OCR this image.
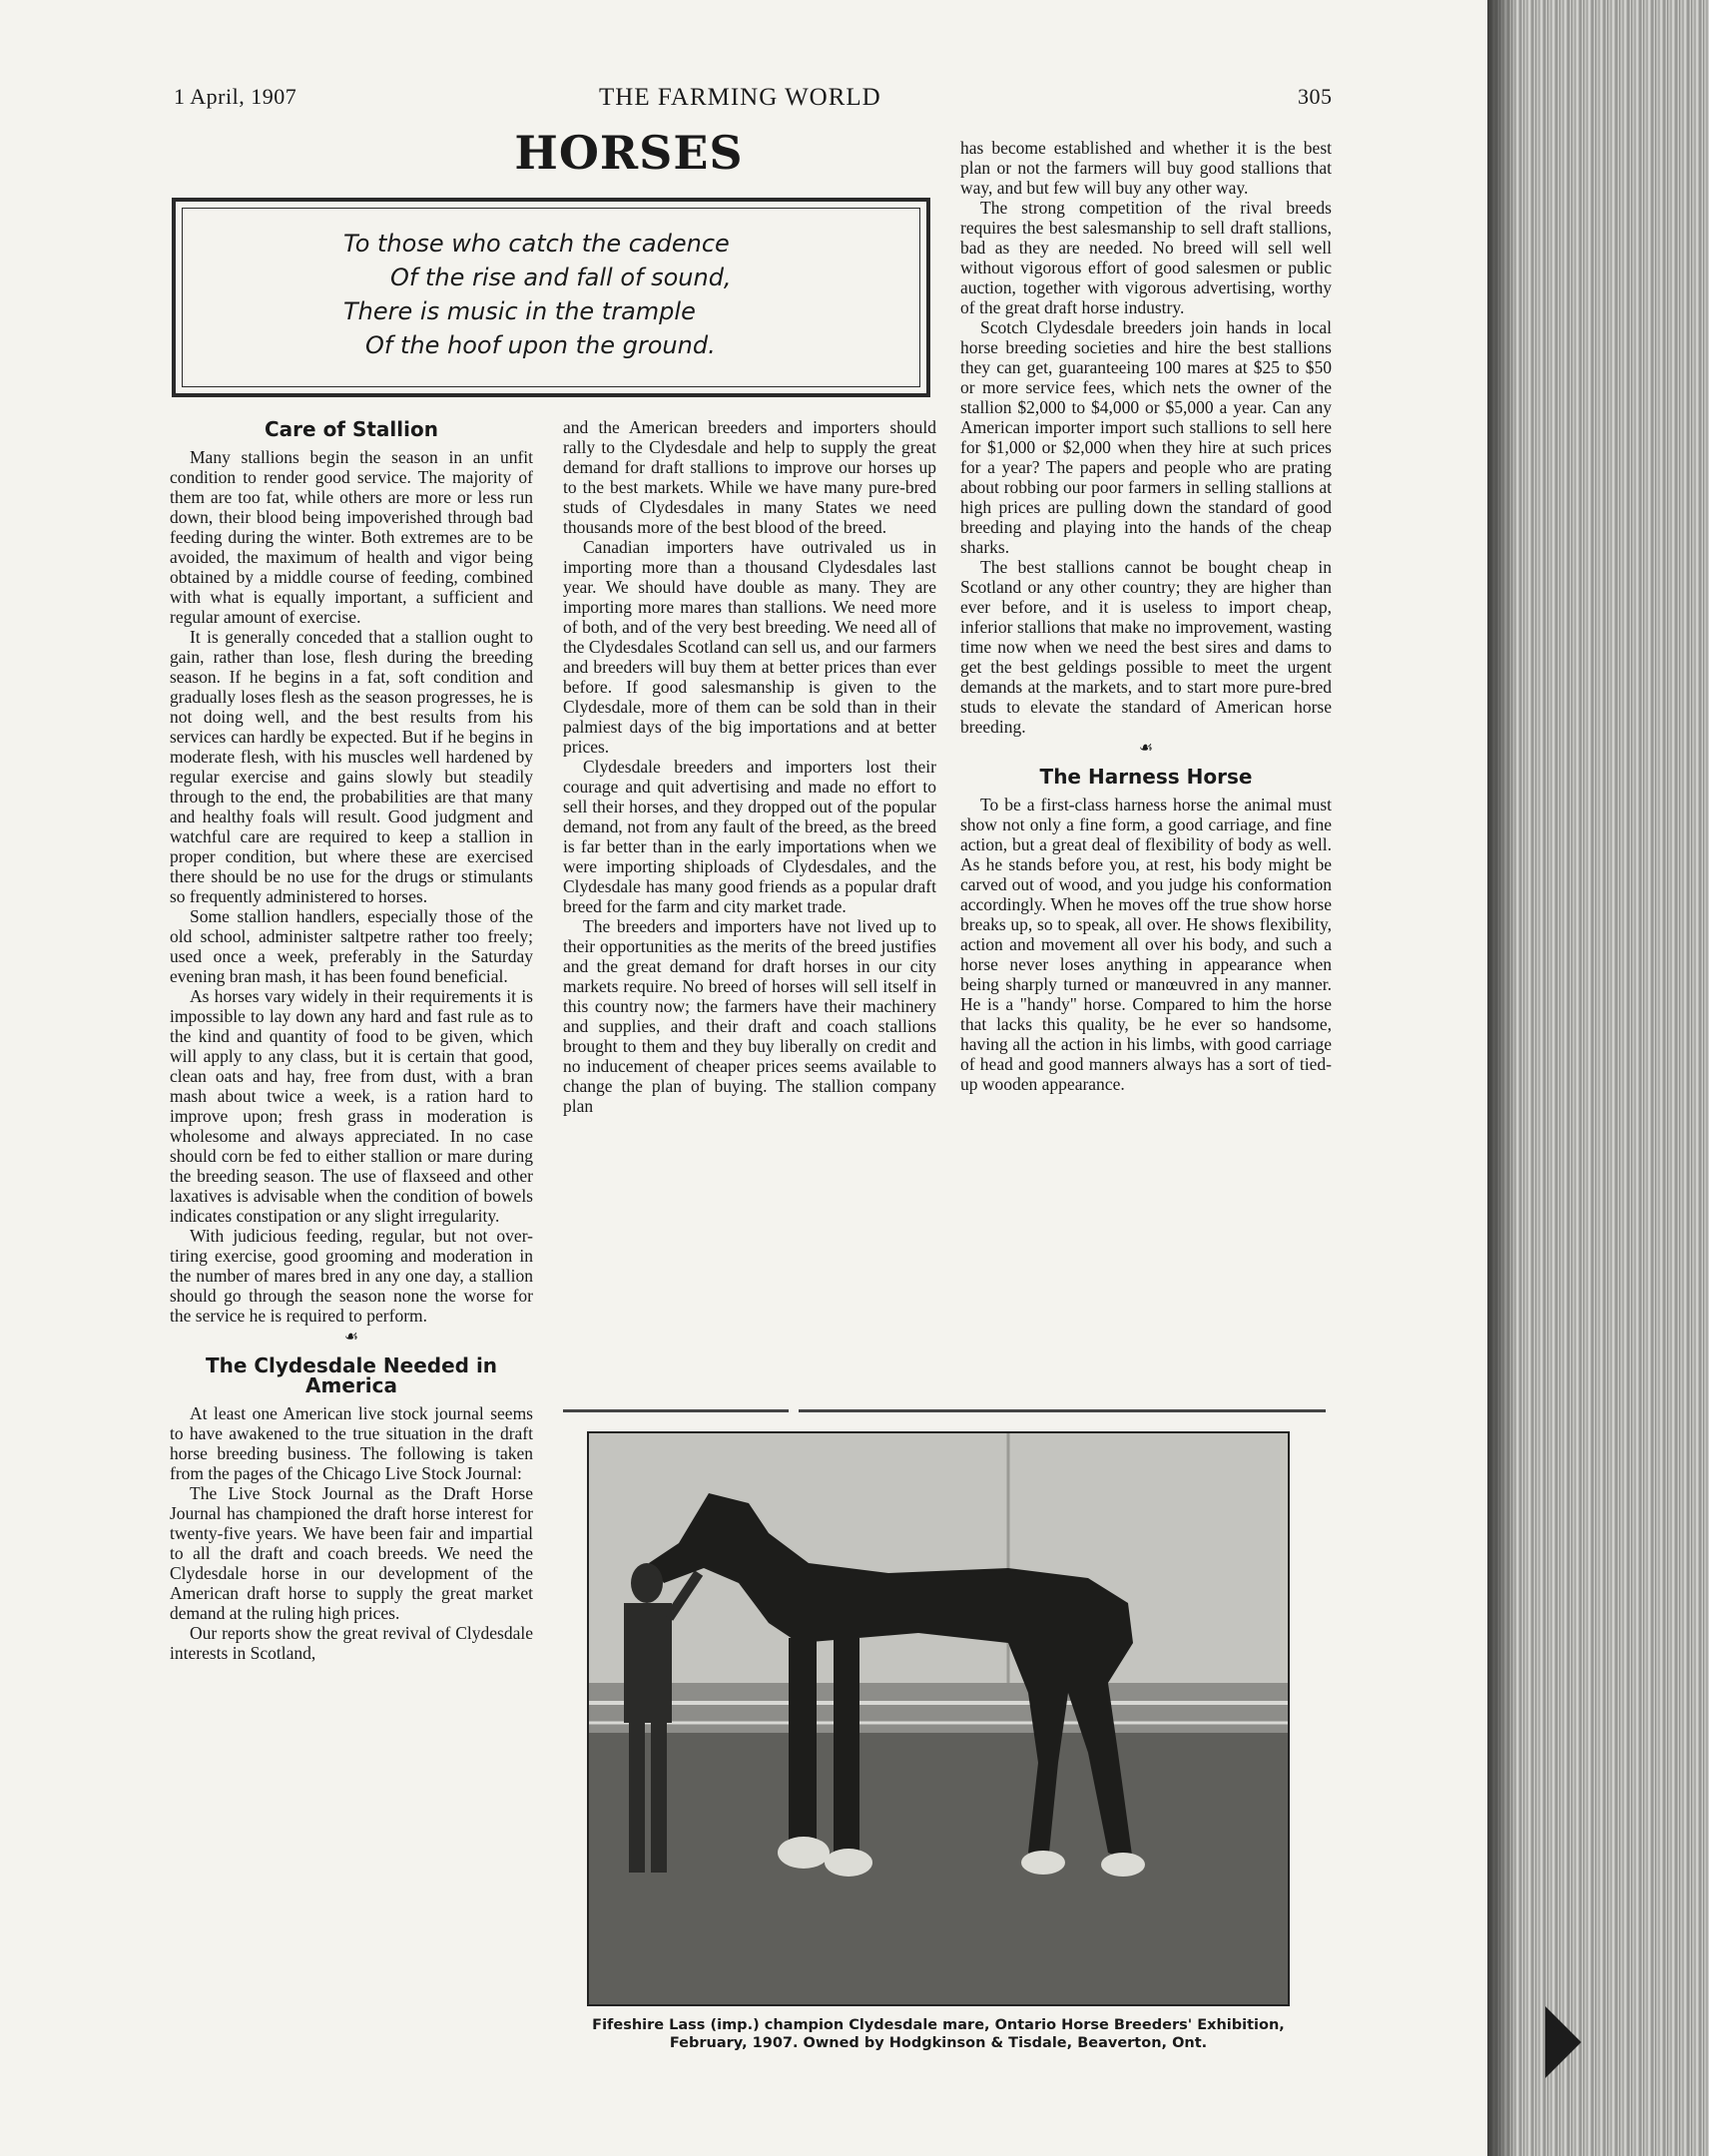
1 April, 1907	THE FARMING WORLD	305
HORSES
To those who catch the cadence
Of the rise and fall of sound,
There is music in the trample
Of the hoof upon the ground.
Care of Stallion

Many stallions begin the season in an unfit condition to render good service. The majority of them are too fat, while others are more or less run down, their blood being impoverished through bad feeding during the winter. Both extremes are to be avoided, the maximum of health and vigor being obtained by a middle course of feeding, combined with what is equally important, a sufficient and regular amount of exercise.

It is generally conceded that a stallion ought to gain, rather than lose, flesh during the breeding season. If he begins in a fat, soft condition and gradually loses flesh as the season progresses, he is not doing well, and the best results from his services can hardly be expected. But if he begins in moderate flesh, with his muscles well hardened by regular exercise and gains slowly but steadily through to the end, the probabilities are that many and healthy foals will result. Good judgment and watchful care are required to keep a stallion in proper condition, but where these are exercised there should be no use for the drugs or stimulants so frequently administered to horses.

Some stallion handlers, especially those of the old school, administer saltpetre rather too freely; used once a week, preferably in the Saturday evening bran mash, it has been found beneficial.

As horses vary widely in their requirements it is impossible to lay down any hard and fast rule as to the kind and quantity of food to be given, which will apply to any class, but it is certain that good, clean oats and hay, free from dust, with a bran mash about twice a week, is a ration hard to improve upon; fresh grass in moderation is wholesome and always appreciated. In no case should corn be fed to either stallion or mare during the breeding season. The use of flaxseed and other laxatives is advisable when the condition of bowels indicates constipation or any slight irregularity.

With judicious feeding, regular, but not over-tiring exercise, good grooming and moderation in the number of mares bred in any one day, a stallion should go through the season none the worse for the service he is required to perform.

☙
The Clydesdale Needed in America

At least one American live stock journal seems to have awakened to the true situation in the draft horse breeding business. The following is taken from the pages of the Chicago Live Stock Journal:

The Live Stock Journal as the Draft Horse Journal has championed the draft horse interest for twenty-five years. We have been fair and impartial to all the draft and coach breeds. We need the Clydesdale horse in our development of the American draft horse to supply the great market demand at the ruling high prices.

Our reports show the great revival of Clydesdale interests in Scotland,

and the American breeders and importers should rally to the Clydesdale and help to supply the great demand for draft stallions to improve our horses up to the best markets. While we have many pure-bred studs of Clydesdales in many States we need thousands more of the best blood of the breed.

Canadian importers have outrivaled us in importing more than a thousand Clydesdales last year. We should have double as many. They are importing more mares than stallions. We need more of both, and of the very best breeding. We need all of the Clydesdales Scotland can sell us, and our farmers and breeders will buy them at better prices than ever before. If good salesmanship is given to the Clydesdale, more of them can be sold than in their palmiest days of the big importations and at better prices.

Clydesdale breeders and importers lost their courage and quit advertising and made no effort to sell their horses, and they dropped out of the popular demand, not from any fault of the breed, as the breed is far better than in the early importations when we were importing shiploads of Clydesdales, and the Clydesdale has many good friends as a popular draft breed for the farm and city market trade.

The breeders and importers have not lived up to their opportunities as the merits of the breed justifies and the great demand for draft horses in our city markets require. No breed of horses will sell itself in this country now; the farmers have their machinery and supplies, and their draft and coach stallions brought to them and they buy liberally on credit and no inducement of cheaper prices seems available to change the plan of buying. The stallion company plan

has become established and whether it is the best plan or not the farmers will buy good stallions that way, and but few will buy any other way.

The strong competition of the rival breeds requires the best salesmanship to sell draft stallions, bad as they are needed. No breed will sell well without vigorous effort of good salesmen or public auction, together with vigorous advertising, worthy of the great draft horse industry.

Scotch Clydesdale breeders join hands in local horse breeding societies and hire the best stallions they can get, guaranteeing 100 mares at $25 to $50 or more service fees, which nets the owner of the stallion $2,000 to $4,000 or $5,000 a year. Can any American importer import such stallions to sell here for $1,000 or $2,000 when they hire at such prices for a year? The papers and people who are prating about robbing our poor farmers in selling stallions at high prices are pulling down the standard of good breeding and playing into the hands of the cheap sharks.

The best stallions cannot be bought cheap in Scotland or any other country; they are higher than ever before, and it is useless to import cheap, inferior stallions that make no improvement, wasting time now when we need the best sires and dams to get the best geldings possible to meet the urgent demands at the markets, and to start more pure-bred studs to elevate the standard of American horse breeding.

☙
The Harness Horse

To be a first-class harness horse the animal must show not only a fine form, a good carriage, and fine action, but a great deal of flexibility of body as well. As he stands before you, at rest, his body might be carved out of wood, and you judge his conformation accordingly. When he moves off the true show horse breaks up, so to speak, all over. He shows flexibility, action and movement all over his body, and such a horse never loses anything in appearance when being sharply turned or manœuvred in any manner. He is a "handy" horse. Compared to him the horse that lacks this quality, be he ever so handsome, having all the action in his limbs, with good carriage of head and good manners always has a sort of tied-up wooden appearance.

Fifeshire Lass (imp.) champion Clydesdale mare, Ontario Horse Breeders' Exhibition,
February, 1907. Owned by Hodgkinson & Tisdale, Beaverton, Ont.
